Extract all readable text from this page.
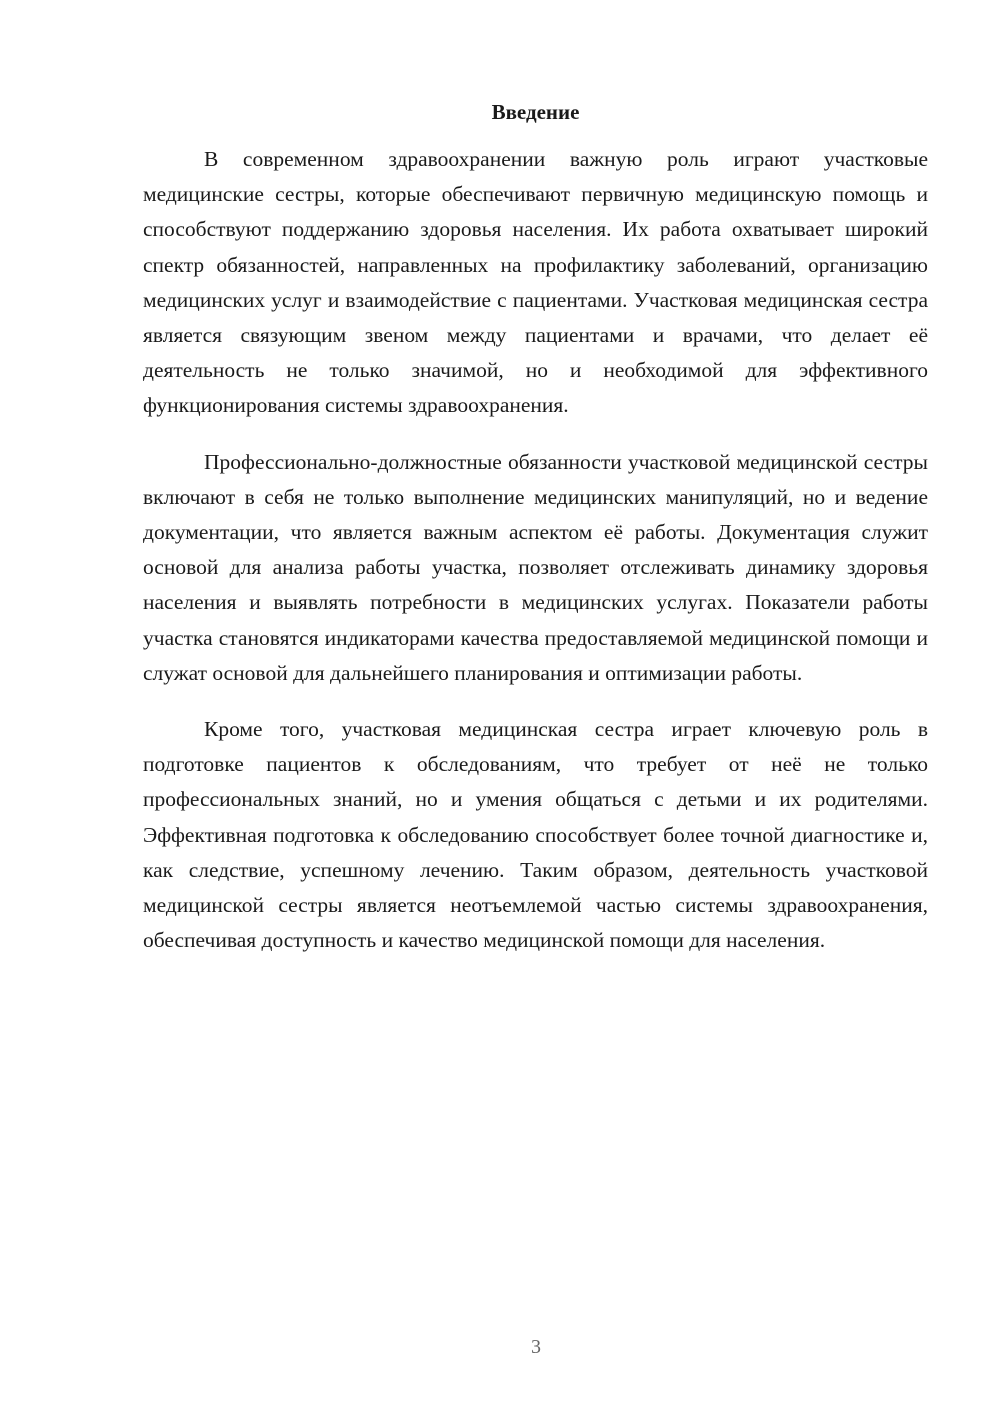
Введение

В современном здравоохранении важную роль играют участковые медицинские сестры, которые обеспечивают первичную медицинскую помощь и способствуют поддержанию здоровья населения. Их работа охватывает широкий спектр обязанностей, направленных на профилактику заболеваний, организацию медицинских услуг и взаимодействие с пациентами. Участковая медицинская сестра является связующим звеном между пациентами и врачами, что делает её деятельность не только значимой, но и необходимой для эффективного функционирования системы здравоохранения.

Профессионально-должностные обязанности участковой медицинской сестры включают в себя не только выполнение медицинских манипуляций, но и ведение документации, что является важным аспектом её работы. Документация служит основой для анализа работы участка, позволяет отслеживать динамику здоровья населения и выявлять потребности в медицинских услугах. Показатели работы участка становятся индикаторами качества предоставляемой медицинской помощи и служат основой для дальнейшего планирования и оптимизации работы.

Кроме того, участковая медицинская сестра играет ключевую роль в подготовке пациентов к обследованиям, что требует от неё не только профессиональных знаний, но и умения общаться с детьми и их родителями. Эффективная подготовка к обследованию способствует более точной диагностике и, как следствие, успешному лечению. Таким образом, деятельность участковой медицинской сестры является неотъемлемой частью системы здравоохранения, обеспечивая доступность и качество медицинской помощи для населения.

3
